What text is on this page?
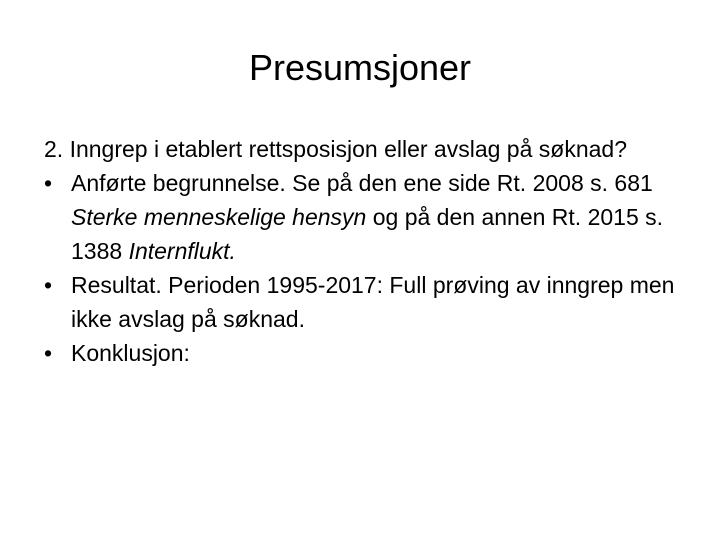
Presumsjoner

2. Inngrep i etablert rettsposisjon eller avslag på søknad?

• Anførte begrunnelse. Se på den ene side Rt. 2008 s. 681 Sterke menneskelige hensyn og på den annen Rt. 2015 s. 1388 Internflukt.
• Resultat. Perioden 1995-2017: Full prøving av inngrep men ikke avslag på søknad.
• Konklusjon:
